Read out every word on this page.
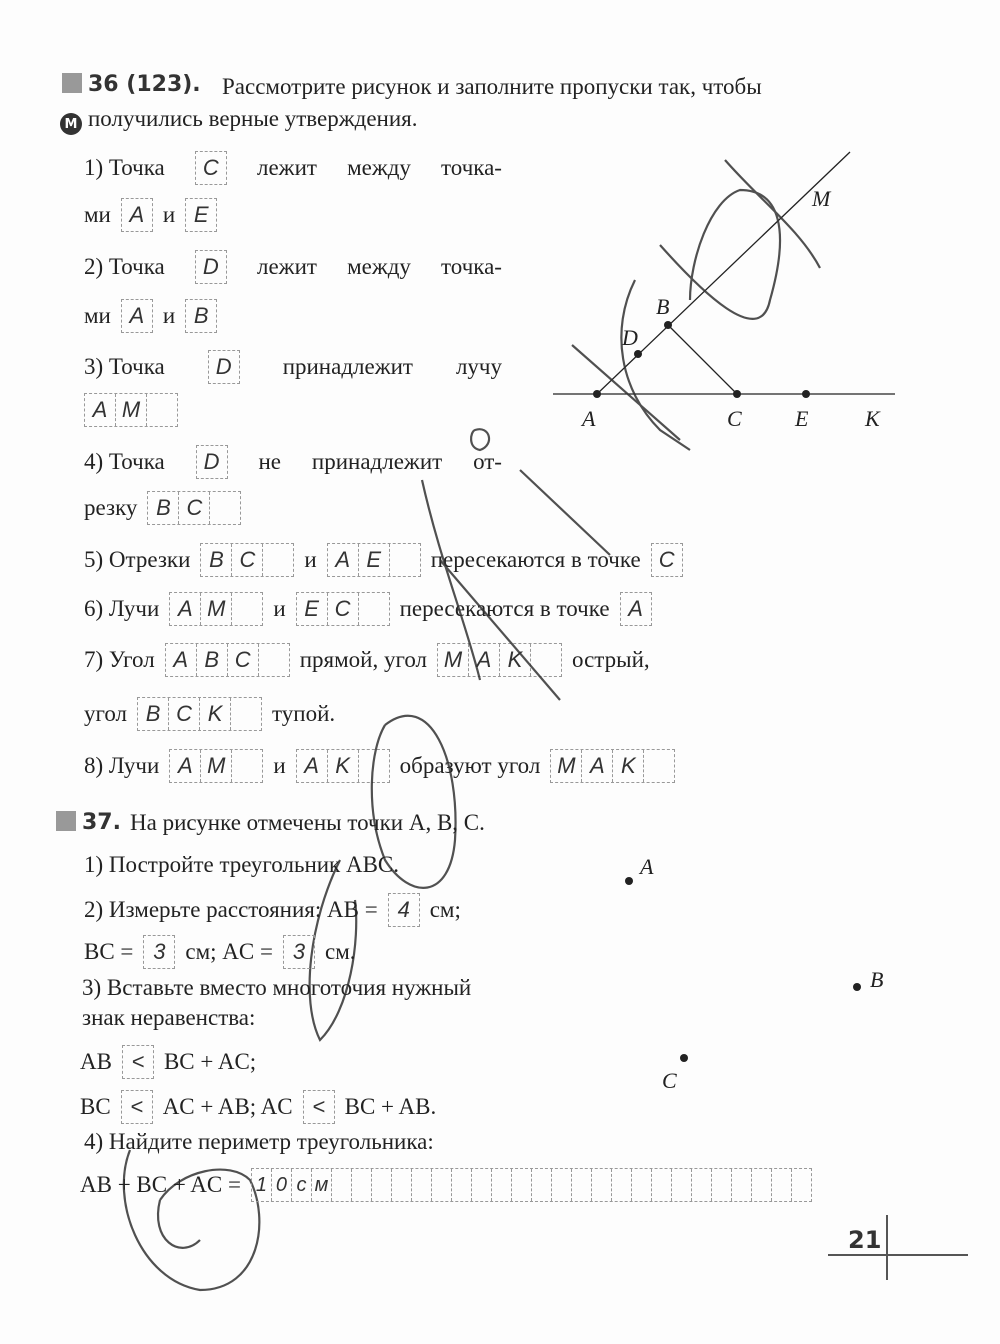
36 (123). Рассмотрите рисунок и заполните пропуски так, чтобы
М получились верные утверждения.
1) Точка	C	лежит между точка-
ми A и E
2) Точка	D	лежит между точка-
ми A и B
3) Точка	D	принадлежит лучу
A M
4) Точка	D	не принадлежит от-
резку B C
5) Отрезки B C	и A E	пересекаются в точке C
6) Лучи A M и E C	пересекаются в точке A
7) Угол A B C	прямой, угол M A K	острый,
угол B C K	тупой.
8) Лучи A M и A K	образуют угол M A K
A
B
C
D
E	K
M
A
B
C
37. На рисунке отмечены точки A, B, C.
1) Постройте треугольник ABC.
2) Измерьте расстояния: AB = 4 см;
BC = 3 см; AC = 3 см.
3) Вставьте вместо многоточия нужный
знак неравенства:
AB < BC + AC;
BC < AC + AB; AC < BC + AB.
4) Найдите периметр треугольника:
AB + BC + AC = 1 0 с м
21
